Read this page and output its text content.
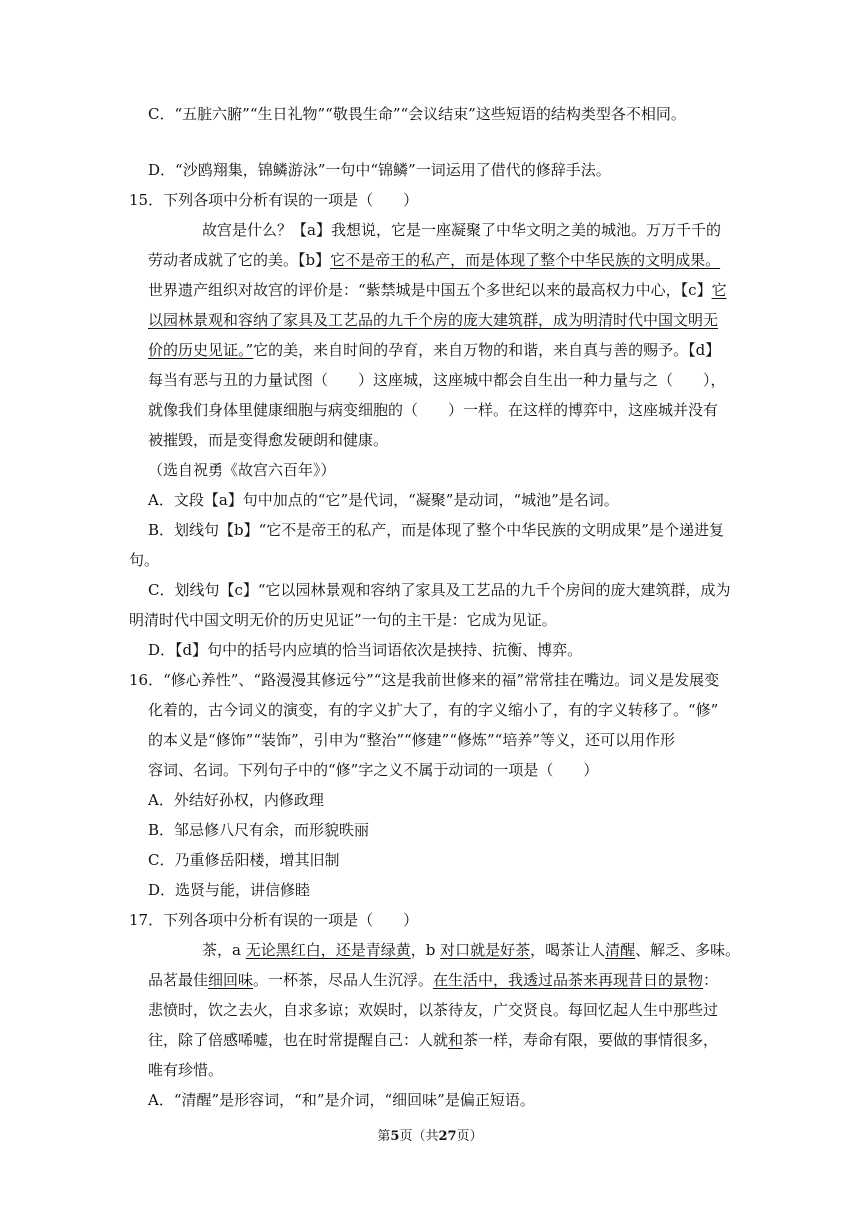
C．“五脏六腑”“生日礼物”“敬畏生命”“会议结束”这些短语的结构类型各不相同。
D．“沙鸥翔集，锦鳞游泳”一句中“锦鳞”一词运用了借代的修辞手法。
15．下列各项中分析有误的一项是（　　）
故宫是什么？【a】我想说，它是一座凝聚了中华文明之美的城池。万万千千的
劳动者成就了它的美。【b】它不是帝王的私产，而是体现了整个中华民族的文明成果。
世界遗产组织对故宫的评价是：“紫禁城是中国五个多世纪以来的最高权力中心，【c】它
以园林景观和容纳了家具及工艺品的九千个房的庞大建筑群，成为明清时代中国文明无
价的历史见证。”它的美，来自时间的孕育，来自万物的和谐，来自真与善的赐予。【d】
每当有恶与丑的力量试图（　　）这座城，这座城中都会自生出一种力量与之（　　），
就像我们身体里健康细胞与病变细胞的（　　）一样。在这样的博弈中，这座城并没有
被摧毁，而是变得愈发硬朗和健康。
（选自祝勇《故宫六百年》）
A．文段【a】句中加点的“它”是代词，“凝聚”是动词，“城池”是名词。
B．划线句【b】“它不是帝王的私产，而是体现了整个中华民族的文明成果”是个递进复
句。
C．划线句【c】“它以园林景观和容纳了家具及工艺品的九千个房间的庞大建筑群，成为
明清时代中国文明无价的历史见证”一句的主干是：它成为见证。
D．【d】句中的括号内应填的恰当词语依次是挟持、抗衡、博弈。
16．“修心养性”、“路漫漫其修远兮”“这是我前世修来的福”常常挂在嘴边。词义是发展变
化着的，古今词义的演变，有的字义扩大了，有的字义缩小了，有的字义转移了。“修”
的本义是“修饰”“装饰”，引申为“整治”“修建”“修炼”“培养”等义，还可以用作形
容词、名词。下列句子中的“修”字之义不属于动词的一项是（　　）
A．外结好孙权，内修政理
B．邹忌修八尺有余，而形貌昳丽
C．乃重修岳阳楼，增其旧制
D．选贤与能，讲信修睦
17．下列各项中分析有误的一项是（　　）
茶，a 无论黑红白，还是青绿黄，b 对口就是好茶，喝茶让人清醒、解乏、多味。
品茗最佳细回味。一杯茶，尽品人生沉浮。在生活中，我透过品茶来再现昔日的景物：
悲愤时，饮之去火，自求多谅；欢娱时，以茶待友，广交贤良。每回忆起人生中那些过
往，除了倍感唏嘘，也在时常提醒自己：人就和茶一样，寿命有限，要做的事情很多，
唯有珍惜。
A．“清醒”是形容词，“和”是介词，“细回味”是偏正短语。
第5页（共27页）
